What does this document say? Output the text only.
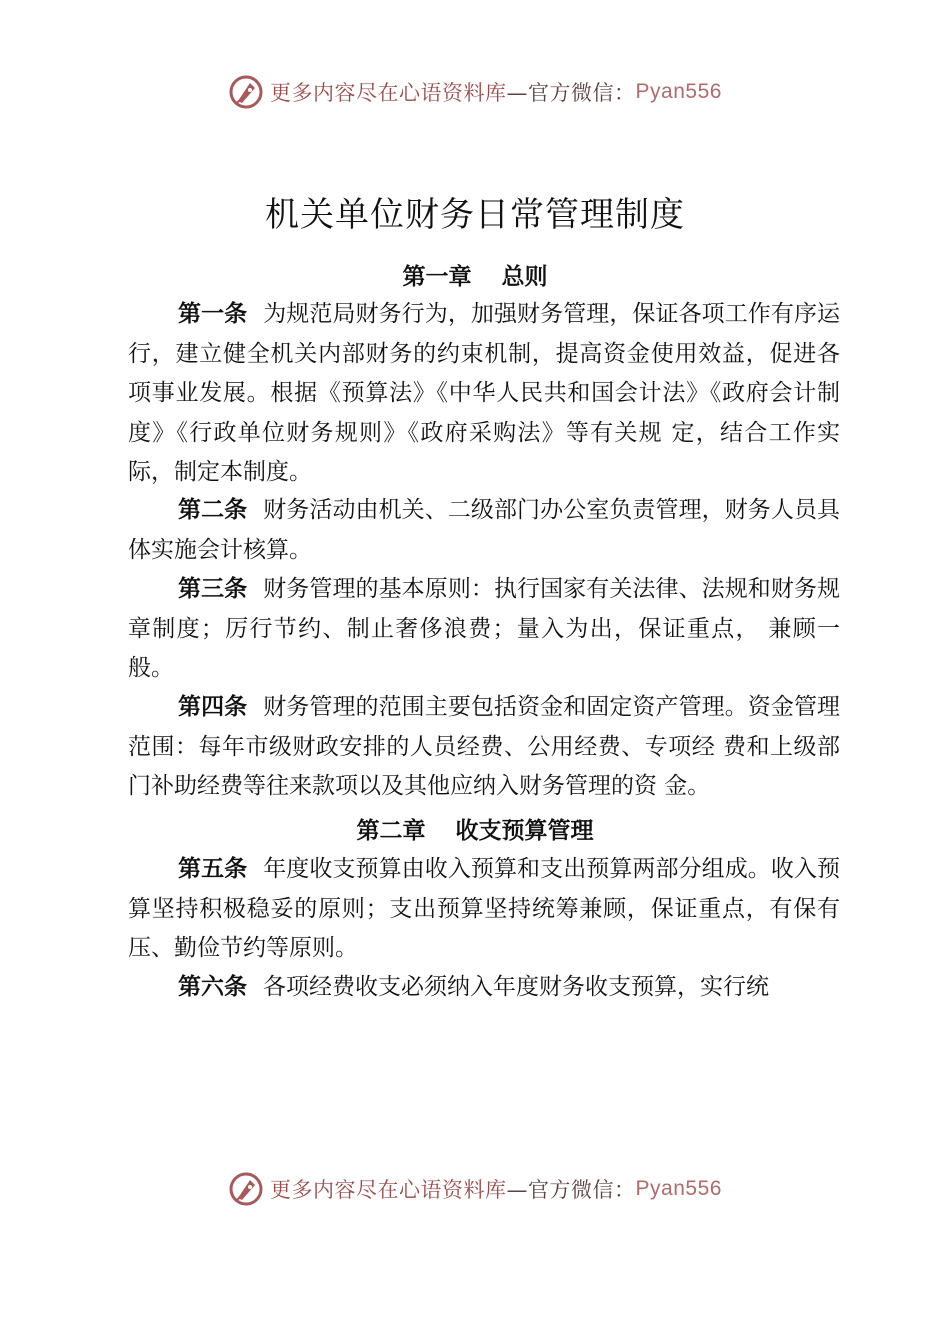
更多内容尽在心语资料库 —官方微信： Pyan556
机关单位财务日常管理制度
第一章 总则

第一条 为规范局财务行为，加强财务管理，保证各项工作有序运行，建立健全机关内部财务的约束机制，提高资金使用效益，促进各项事业发展。根据《预算法》《中华人民共和国会计法》《政府会计制度》《行政单位财务规则》《政府采购法》等有关规 定，结合工作实际，制定本制度。

第二条 财务活动由机关、二级部门办公室负责管理，财务人员具体实施会计核算。

第三条 财务管理的基本原则：执行国家有关法律、法规和财务规章制度；厉行节约、制止奢侈浪费；量入为出，保证重点， 兼顾一般。

第四条 财务管理的范围主要包括资金和固定资产管理。资金管理范围：每年市级财政安排的人员经费、公用经费、专项经 费和上级部门补助经费等往来款项以及其他应纳入财务管理的资 金。

第二章 收支预算管理

第五条 年度收支预算由收入预算和支出预算两部分组成。收入预算坚持积极稳妥的原则；支出预算坚持统筹兼顾，保证重点，有保有压、勤俭节约等原则。

第六条 各项经费收支必须纳入年度财务收支预算，实行统

更多内容尽在心语资料库 —官方微信： Pyan556
